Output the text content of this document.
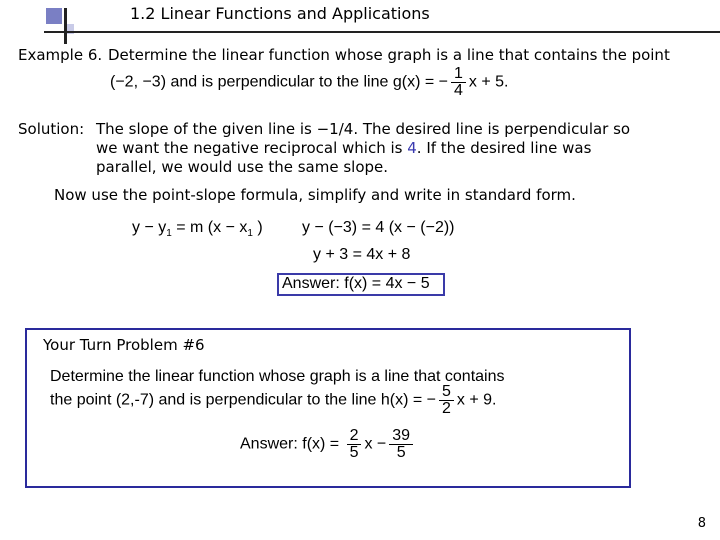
1.2 Linear Functions and Applications
Example 6. Determine the linear function whose graph is a line that contains the point
(−2, −3) and is perpendicular to the line g(x) = − $\frac{1}{4}$ x + 5.
Solution: The slope of the given line is −1/4. The desired line is perpendicular so
we want the negative reciprocal which is 4. If the desired line was
parallel, we would use the same slope.
Now use the point-slope formula, simplify and write in standard form.
$y - y_1 = m$ ($x - x_1$ ) y − (−3) = 4 (x − (−2))
y + 3 = 4x + 8
Answer: f(x) = 4x − 5
Your Turn Problem #6
Determine the linear function whose graph is a line that contains
the point (2,-7) and is perpendicular to the line h(x) = − $\frac{5}{2}$ x + 9.
Answer: $f(x) = \frac{2}{5}$ $x - \frac{39}{5}$
8
